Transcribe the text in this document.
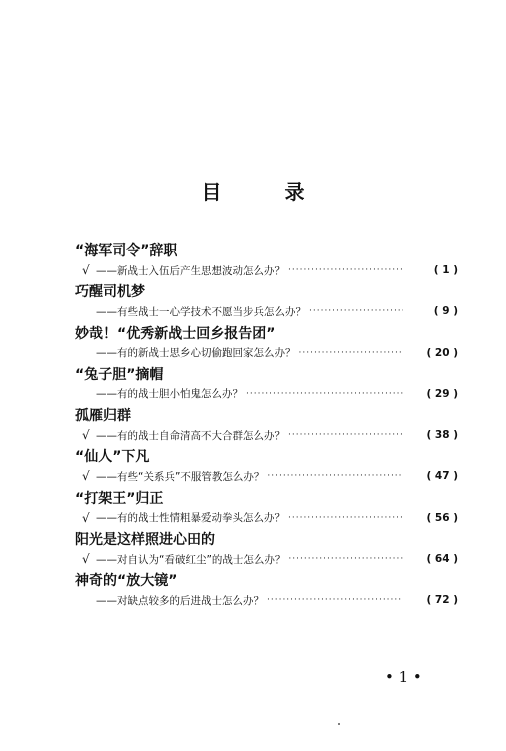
目 录
“海军司令”辞职
√ ——新战士入伍后产生思想波动怎么办？ ·····	( 1 )
巧醒司机梦
——有些战士一心学技术不愿当步兵怎么办？ ·····	( 9 )
妙哉！“优秀新战士回乡报告团”
——有的新战士思乡心切偷跑回家怎么办？ ·····	( 20 )
“兔子胆”摘帽
——有的战士胆小怕鬼怎么办？ ·····	( 29 )
孤雁归群
√ ——有的战士自命清高不大合群怎么办？ ·····	( 38 )
“仙人”下凡
√ ——有些“关系兵”不服管教怎么办？ ·····	( 47 )
“打架王”归正
√ ——有的战士性情粗暴爱动拳头怎么办？ ·····	( 56 )
阳光是这样照进心田的
√ ——对自认为“看破红尘”的战士怎么办？ ·····	( 64 )
神奇的“放大镜”
——对缺点较多的后进战士怎么办？ ·····	( 72 )
• 1 •
